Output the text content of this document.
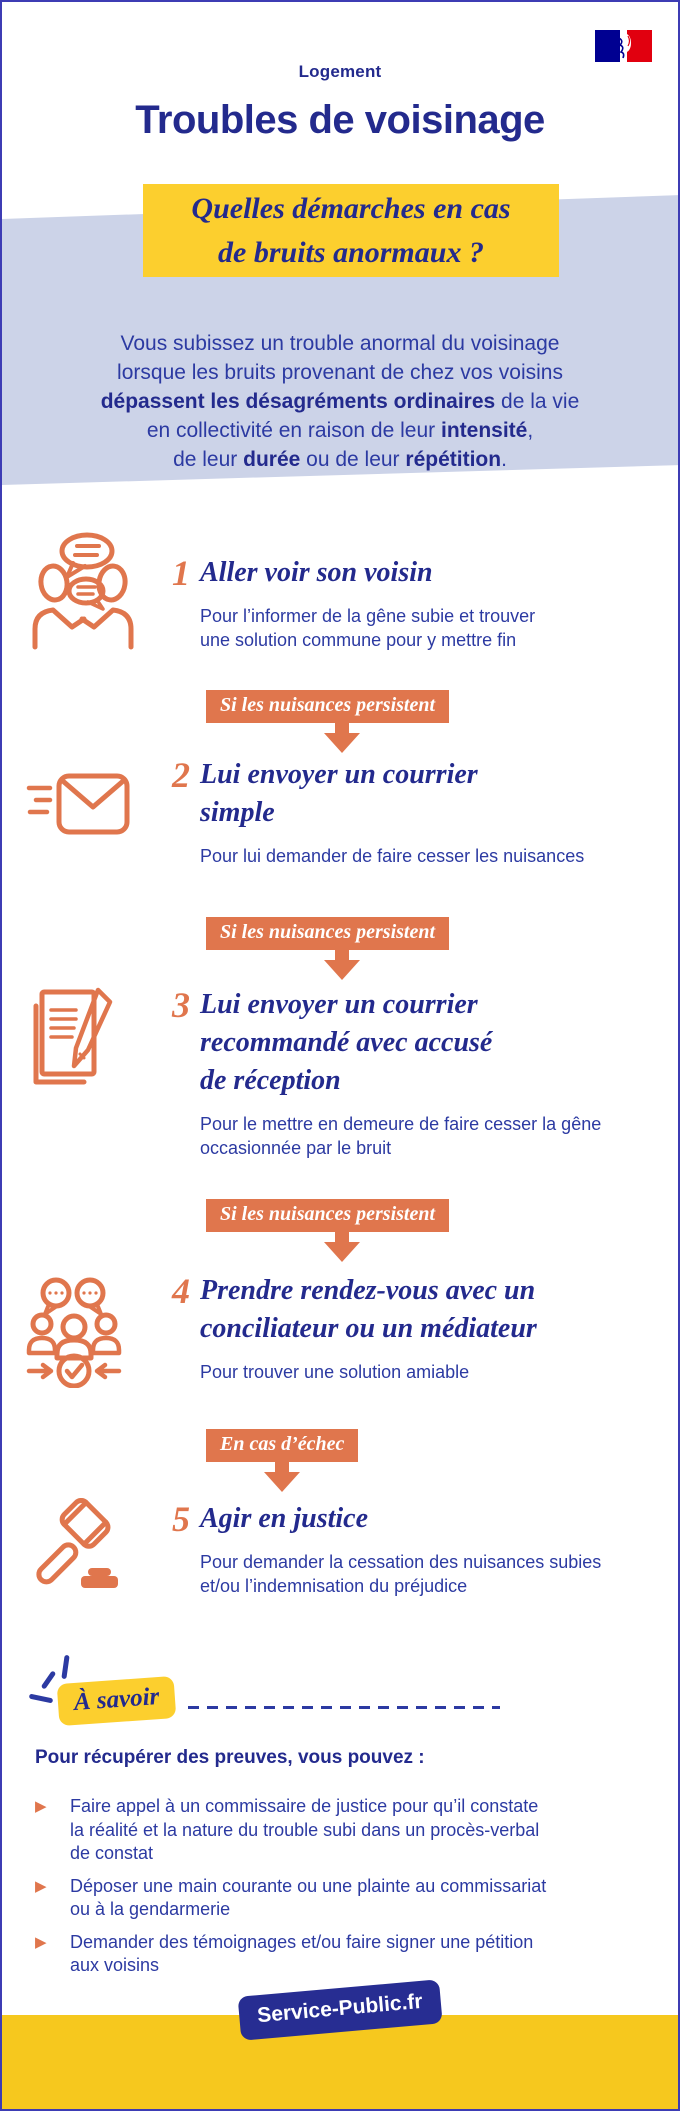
Logement
Troubles de voisinage
Quelles démarches en cas
de bruits anormaux ?
Vous subissez un trouble anormal du voisinage
lorsque les bruits provenant de chez vos voisins
dépassent les désagréments ordinaires de la vie
en collectivité en raison de leur intensité,
de leur durée ou de leur répétition.
1 Aller voir son voisin
Pour l’informer de la gêne subie et trouver
une solution commune pour y mettre fin
Si les nuisances persistent
2 Lui envoyer un courrier
simple
Pour lui demander de faire cesser les nuisances
Si les nuisances persistent
3 Lui envoyer un courrier
recommandé avec accusé
de réception
Pour le mettre en demeure de faire cesser la gêne
occasionnée par le bruit
Si les nuisances persistent
4 Prendre rendez-vous avec un
conciliateur ou un médiateur
Pour trouver une solution amiable
En cas d’échec
5 Agir en justice
Pour demander la cessation des nuisances subies
et/ou l’indemnisation du préjudice
À savoir
Pour récupérer des preuves, vous pouvez :
▶ Faire appel à un commissaire de justice pour qu’il constate
la réalité et la nature du trouble subi dans un procès-verbal
de constat
▶ Déposer une main courante ou une plainte au commissariat
ou à la gendarmerie
▶ Demander des témoignages et/ou faire signer une pétition
aux voisins
Service-Public.fr
